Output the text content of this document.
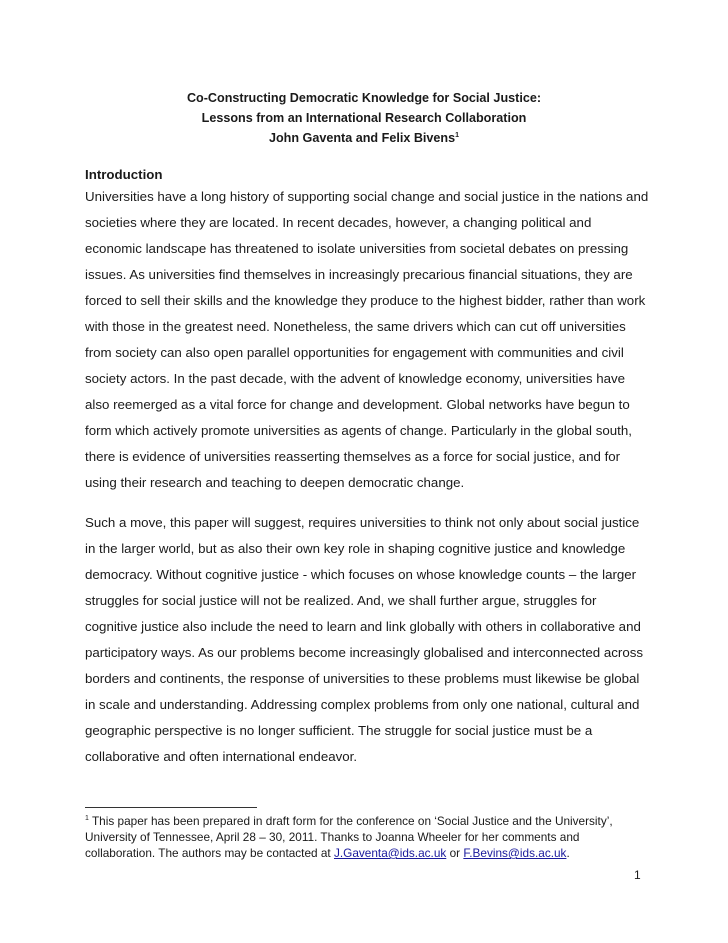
Co-Constructing Democratic Knowledge for Social Justice:
Lessons from an International Research Collaboration
John Gaventa and Felix Bivens$^1$
Introduction
Universities have a long history of supporting social change and social justice in the nations and
societies where they are located. In recent decades, however, a changing political and
economic landscape has threatened to isolate universities from societal debates on pressing
issues. As universities find themselves in increasingly precarious financial situations, they are
forced to sell their skills and the knowledge they produce to the highest bidder, rather than work
with those in the greatest need. Nonetheless, the same drivers which can cut off universities
from society can also open parallel opportunities for engagement with communities and civil
society actors. In the past decade, with the advent of knowledge economy, universities have
also reemerged as a vital force for change and development. Global networks have begun to
form which actively promote universities as agents of change. Particularly in the global south,
there is evidence of universities reasserting themselves as a force for social justice, and for
using their research and teaching to deepen democratic change.
Such a move, this paper will suggest, requires universities to think not only about social justice
in the larger world, but as also their own key role in shaping cognitive justice and knowledge
democracy. Without cognitive justice - which focuses on whose knowledge counts – the larger
struggles for social justice will not be realized. And, we shall further argue, struggles for
cognitive justice also include the need to learn and link globally with others in collaborative and
participatory ways. As our problems become increasingly globalised and interconnected across
borders and continents, the response of universities to these problems must likewise be global
in scale and understanding. Addressing complex problems from only one national, cultural and
geographic perspective is no longer sufficient. The struggle for social justice must be a
collaborative and often international endeavor.
$^1$ This paper has been prepared in draft form for the conference on ‘Social Justice and the University’,
University of Tennessee, April 28 – 30, 2011. Thanks to Joanna Wheeler for her comments and
collaboration. The authors may be contacted at J.Gaventa@ids.ac.uk or F.Bevins@ids.ac.uk.
1
